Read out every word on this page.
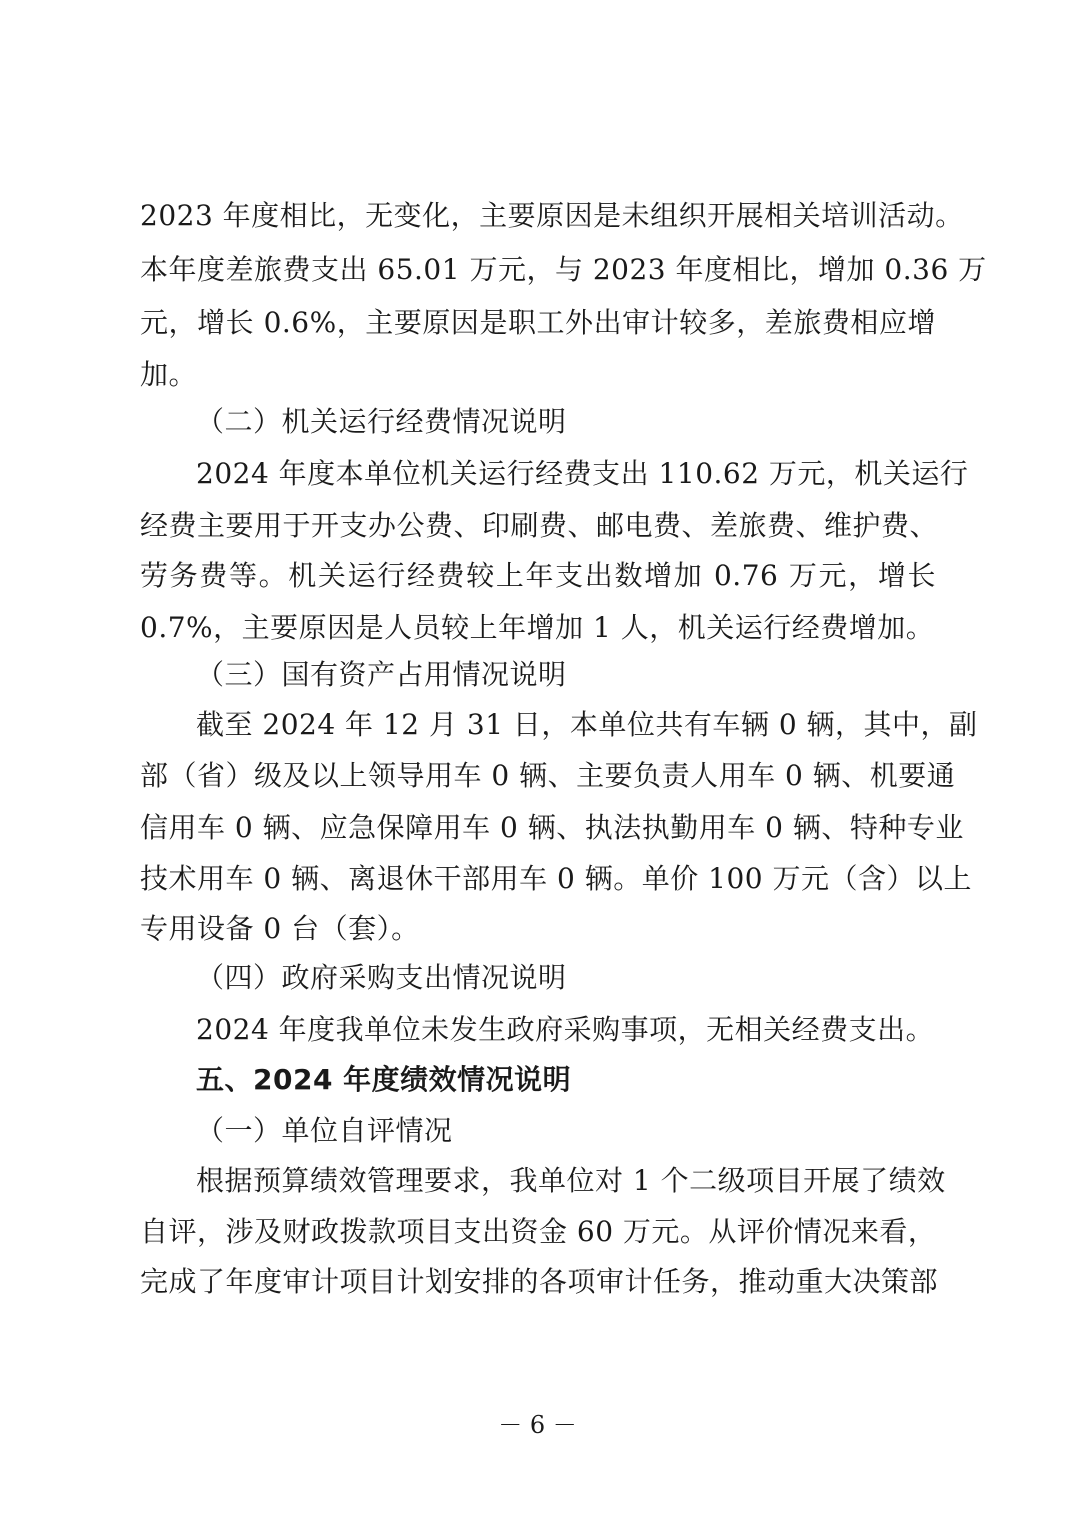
2023 年度相比，无变化，主要原因是未组织开展相关培训活动。
本年度差旅费支出 65.01 万元，与 2023 年度相比，增加 0.36 万
元，增长 0.6%，主要原因是职工外出审计较多，差旅费相应增
加。
（二）机关运行经费情况说明
2024 年度本单位机关运行经费支出 110.62 万元，机关运行
经费主要用于开支办公费、印刷费、邮电费、差旅费、维护费、
劳务费等。机关运行经费较上年支出数增加 0.76 万元，增长
0.7%，主要原因是人员较上年增加 1 人，机关运行经费增加。
（三）国有资产占用情况说明
截至 2024 年 12 月 31 日，本单位共有车辆 0 辆，其中，副
部（省）级及以上领导用车 0 辆、主要负责人用车 0 辆、机要通
信用车 0 辆、应急保障用车 0 辆、执法执勤用车 0 辆、特种专业
技术用车 0 辆、离退休干部用车 0 辆。单价 100 万元（含）以上
专用设备 0 台（套）。
（四）政府采购支出情况说明
2024 年度我单位未发生政府采购事项，无相关经费支出。
五、2024 年度绩效情况说明
（一）单位自评情况
根据预算绩效管理要求，我单位对 1 个二级项目开展了绩效
自评，涉及财政拨款项目支出资金 60 万元。从评价情况来看，
完成了年度审计项目计划安排的各项审计任务，推动重大决策部
－ 6 －
